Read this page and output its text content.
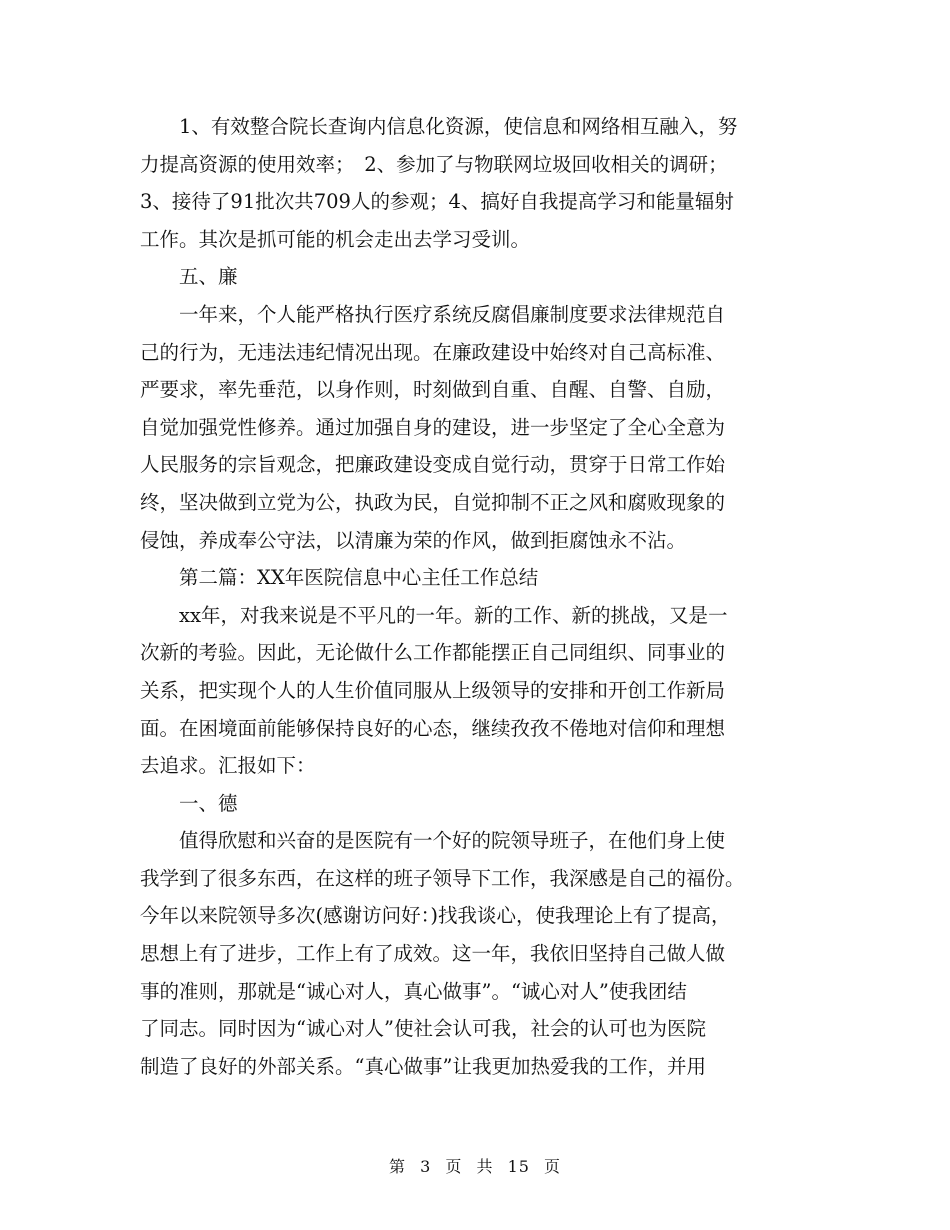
　　1、有效整合院长查询内信息化资源，使信息和网络相互融入，努
力提高资源的使用效率；　2、参加了与物联网垃圾回收相关的调研；
3、接待了91批次共709人的参观；4、搞好自我提高学习和能量辐射
工作。其次是抓可能的机会走出去学习受训。
　　五、廉
　　一年来，个人能严格执行医疗系统反腐倡廉制度要求法律规范自
己的行为，无违法违纪情况出现。在廉政建设中始终对自己高标准、
严要求，率先垂范，以身作则，时刻做到自重、自醒、自警、自励，
自觉加强党性修养。通过加强自身的建设，进一步坚定了全心全意为
人民服务的宗旨观念，把廉政建设变成自觉行动，贯穿于日常工作始
终，坚决做到立党为公，执政为民，自觉抑制不正之风和腐败现象的
侵蚀，养成奉公守法，以清廉为荣的作风，做到拒腐蚀永不沾。
　　第二篇：XX年医院信息中心主任工作总结
　　xx年，对我来说是不平凡的一年。新的工作、新的挑战，又是一
次新的考验。因此，无论做什么工作都能摆正自己同组织、同事业的
关系，把实现个人的人生价值同服从上级领导的安排和开创工作新局
面。在困境面前能够保持良好的心态，继续孜孜不倦地对信仰和理想
去追求。汇报如下：
　　一、德
　　值得欣慰和兴奋的是医院有一个好的院领导班子，在他们身上使
我学到了很多东西，在这样的班子领导下工作，我深感是自己的福份。
今年以来院领导多次(感谢访问好：)找我谈心，使我理论上有了提高，
思想上有了进步，工作上有了成效。这一年，我依旧坚持自己做人做
事的准则，那就是“诚心对人，真心做事”。“诚心对人”使我团结
了同志。同时因为“诚心对人”使社会认可我，社会的认可也为医院
制造了良好的外部关系。“真心做事”让我更加热爱我的工作，并用
第 3 页 共 15 页
